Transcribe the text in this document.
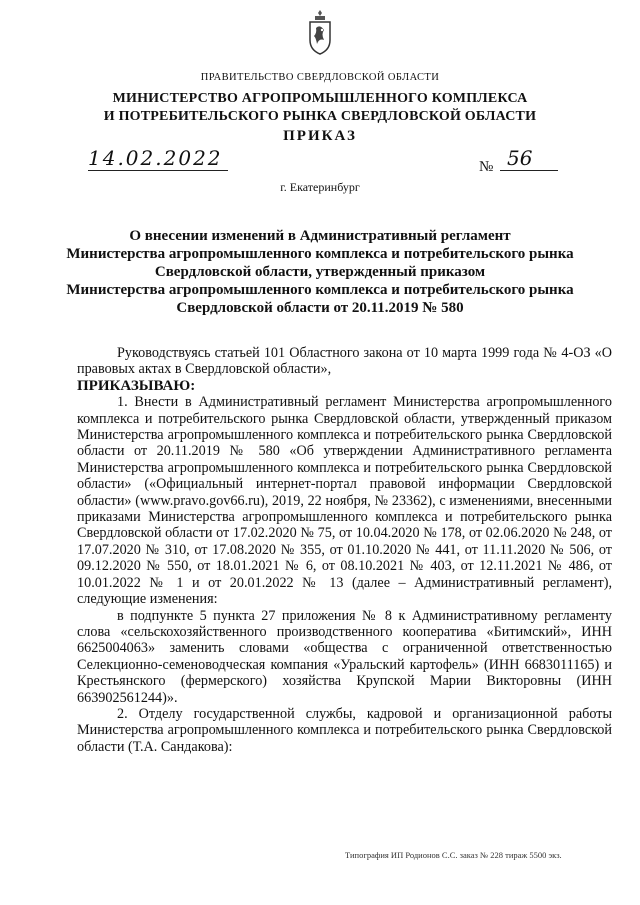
ПРАВИТЕЛЬСТВО СВЕРДЛОВСКОЙ ОБЛАСТИ
МИНИСТЕРСТВО АГРОПРОМЫШЛЕННОГО КОМПЛЕКСА
И ПОТРЕБИТЕЛЬСКОГО РЫНКА СВЕРДЛОВСКОЙ ОБЛАСТИ
ПРИКАЗ
14.02.2022	№ 56
г. Екатеринбург
О внесении изменений в Административный регламент
Министерства агропромышленного комплекса и потребительского рынка
Свердловской области, утвержденный приказом
Министерства агропромышленного комплекса и потребительского рынка
Свердловской области от 20.11.2019 № 580

Руководствуясь статьей 101 Областного закона от 10 марта 1999 года № 4-ОЗ «О правовых актах в Свердловской области»,

ПРИКАЗЫВАЮ:

1. Внести в Административный регламент Министерства агропромышленного комплекса и потребительского рынка Свердловской области, утвержденный приказом Министерства агропромышленного комплекса и потребительского рынка Свердловской области от 20.11.2019 № 580 «Об утверждении Административного регламента Министерства агропромышленного комплекса и потребительского рынка Свердловской области» («Официальный интернет-портал правовой информации Свердловской области» (www.pravo.gov66.ru), 2019, 22 ноября, № 23362), с изменениями, внесенными приказами Министерства агропромышленного комплекса и потребительского рынка Свердловской области от 17.02.2020 № 75, от 10.04.2020 № 178, от 02.06.2020 № 248, от 17.07.2020 № 310, от 17.08.2020 № 355, от 01.10.2020 № 441, от 11.11.2020 № 506, от 09.12.2020 № 550, от 18.01.2021 № 6, от 08.10.2021 № 403, от 12.11.2021 № 486, от 10.01.2022 № 1 и от 20.01.2022 № 13 (далее – Административный регламент), следующие изменения:

в подпункте 5 пункта 27 приложения № 8 к Административному регламенту слова «сельскохозяйственного производственного кооператива «Битимский», ИНН 6625004063» заменить словами «общества с ограниченной ответственностью Селекционно-семеноводческая компания «Уральский картофель» (ИНН 6683011165) и Крестьянского (фермерского) хозяйства Крупской Марии Викторовны (ИНН 663902561244)».

2. Отделу государственной службы, кадровой и организационной работы Министерства агропромышленного комплекса и потребительского рынка Свердловской области (Т.А. Сандакова):

Типография ИП Родионов С.С. заказ № 228 тираж 5500 экз.
